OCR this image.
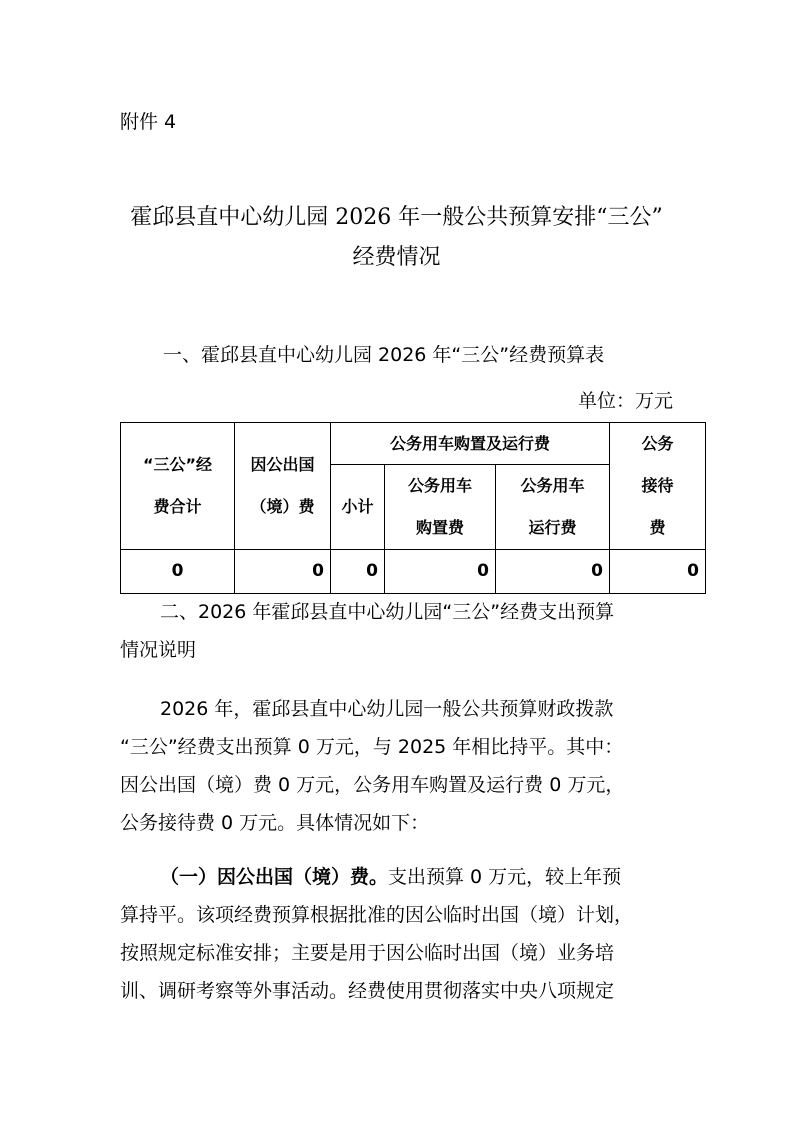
附件 4
霍邱县直中心幼儿园 2026 年一般公共预算安排“三公”
经费情况
一、霍邱县直中心幼儿园 2026 年“三公”经费预算表
单位：万元
“三公”经费合计	因公出国（境）费	公务用车购置及运行费			公务接待费

		小计	公务用车购置费	公务用车运行费	

0	0	0	0	0	0
二、2026 年霍邱县直中心幼儿园“三公”经费支出预算
情况说明
2026 年，霍邱县直中心幼儿园一般公共预算财政拨款
“三公”经费支出预算 0 万元，与 2025 年相比持平。其中：
因公出国（境）费 0 万元，公务用车购置及运行费 0 万元，
公务接待费 0 万元。具体情况如下：
（一）因公出国（境）费。支出预算 0 万元，较上年预
算持平。该项经费预算根据批准的因公临时出国（境）计划，
按照规定标准安排；主要是用于因公临时出国（境）业务培
训、调研考察等外事活动。经费使用贯彻落实中央八项规定
